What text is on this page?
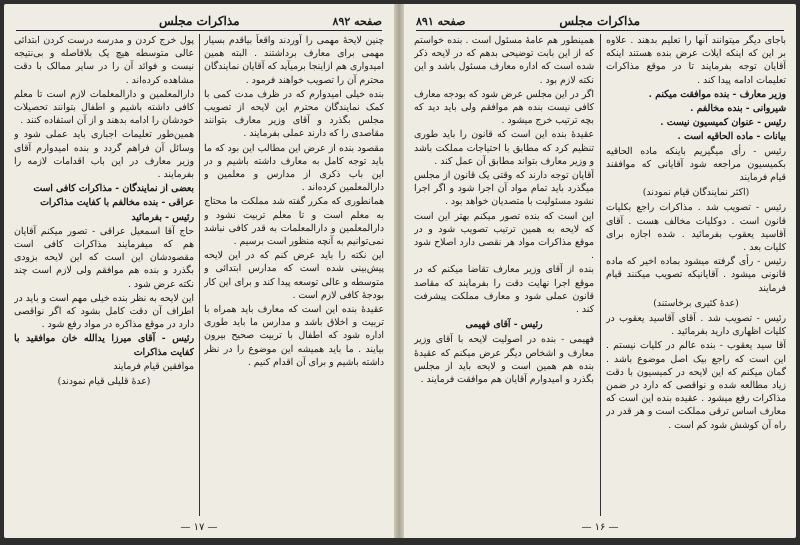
صفحه ۸۹۲
مذاکرات مجلس

چنین لایحهٔ مهمی را آوردند واقعاً بیاقدم بسیار مهمی برای معارف برداشتند . البته همین امیدواری هم ازاینجا برمیآید که آقایان نمایندگان محترم آن را تصویب خواهند فرمود .

بنده خیلی امیدوارم که در ظرف مدت کمی با کمک نمایندگان محترم این لایحه از تصویب مجلس بگذرد و آقای وزیر معارف بتوانند مقاصدی را که دارند عملی بفرمایند .

مقصود بنده از عرض این مطالب این بود که ما باید توجه کامل به معارف داشته باشیم و در این باب ذکری از مدارس و معلمین و دارالمعلمین کرده‌اند .

همانطوری که مکرر گفته شد مملکت ما محتاج به معلم است و تا معلم تربیت نشود و دارالمعلمین و دارالمعلمات به قدر کافی نباشد نمی‌توانیم به آنچه منظور است برسیم .

این نکته را باید عرض کنم که در این لایحه پیش‌بینی شده است که مدارس ابتدائی و متوسطه و عالی توسعه پیدا کند و برای این کار بودجهٔ کافی لازم است .

عقیدهٔ بنده این است که معارف باید همراه با تربیت و اخلاق باشد و مدارس ما باید طوری اداره شود که اطفال با تربیت صحیح بیرون بیایند . ما باید همیشه این موضوع را در نظر داشته باشیم و برای آن اقدام کنیم .

پول خرج کردن و مدرسه درست کردن ابتدائی عالی متوسطه هیچ یک بلافاصله و بی‌نتیجه نیست و فوائد آن را در سایر ممالک با دقت مشاهده کرده‌اند .

دارالمعلمین و دارالمعلمات لازم است تا معلم کافی داشته باشیم و اطفال بتوانند تحصیلات خودشان را ادامه بدهند و از آن استفاده کنند .

همین‌طور تعلیمات اجباری باید عملی شود و وسائل آن فراهم گردد و بنده امیدوارم آقای وزیر معارف در این باب اقدامات لازمه را بفرمایند .

بعضی از نمایندگان - مذاکرات کافی است

عراقی - بنده مخالفم با کفایت مذاکرات

رئیس - بفرمائید

حاج آقا اسمعیل عراقی - تصور میکنم آقایان هم که میفرمایند مذاکرات کافی است مقصودشان این است که این لایحه بزودی بگذرد و بنده هم موافقم ولی لازم است چند نکته عرض شود .

این لایحه به نظر بنده خیلی مهم است و باید در اطراف آن دقت کامل بشود که اگر نواقصی دارد در موقع مذاکره در مواد رفع شود .

رئیس - آقای میرزا یدالله خان موافقید با کفایت مذاکرات

موافقین قیام فرمایند

(عدهٔ قلیلی قیام نمودند)

— ۱۷ —
مذاکرات مجلس
صفحه ۸۹۱

باجای دیگر میتوانند آنها را تعلیم بدهند . علاوه بر این که اینکه ایلات عرض بنده هستند اینکه آقایان توجه بفرمایند تا در موقع مذاکرات تعلیمات ادامه پیدا کند .

وزیر معارف - بنده موافقت میکنم .

شیروانی - بنده مخالفم .

رئیس - عنوان کمیسیون نیست .

بیانات - ماده الحاقیه است .

رئیس - رأی میگیریم باینکه ماده الحاقیه بکمیسیون مراجعه شود آقایانی که موافقند قیام فرمایند

(اکثر نمایندگان قیام نمودند)

رئیس - تصویب شد . مذاکرات راجع بکلیات قانون است . دوکلیات مخالف هست . آقای آقاسید یعقوب بفرمائید . شده اجازه برای کلیات بعد .

رئیس - رأی گرفته میشود بماده اخیر که ماده قانونی میشود . آقایانیکه تصویب میکنند قیام فرمایند

(عدهٔ کثیری برخاستند)

رئیس - تصویب شد . آقای آقاسید یعقوب در کلیات اظهاری دارید بفرمائید .

آقا سید یعقوب - بنده عالم در کلیات نیستم . این است که راجع بیک اصل موضوع باشد . گمان میکنم که این لایحه در کمیسیون با دقت زیاد مطالعه شده و نواقصی که دارد در ضمن مذاکرات رفع میشود . عقیده بنده این است که معارف اساس ترقی مملکت است و هر قدر در راه آن کوشش شود کم است .

همینطور هم عامهٔ مسئول است . بنده خواستم که از این بابت توضیحی بدهم که در لایحه ذکر شده است که اداره معارف مسئول باشد و این نکته لازم بود .

اگر در این مجلس عرض شود که بودجه معارف کافی نیست بنده هم موافقم ولی باید دید که بچه ترتیب خرج میشود .

عقیدهٔ بنده این است که قانون را باید طوری تنظیم کرد که مطابق با احتیاجات مملکت باشد و وزیر معارف بتواند مطابق آن عمل کند .

آقایان توجه دارند که وقتی یک قانون از مجلس میگذرد باید تمام مواد آن اجرا شود و اگر اجرا نشود مسئولیت با متصدیان خواهد بود .

این است که بنده تصور میکنم بهتر این است که لایحه به همین ترتیب تصویب شود و در موقع مذاکرات مواد هر نقصی دارد اصلاح شود .

بنده از آقای وزیر معارف تقاضا میکنم که در موقع اجرا نهایت دقت را بفرمایند که مقاصد قانون عملی شود و معارف مملکت پیشرفت کند .

رئیس - آقای فهیمی

فهیمی - بنده در اصولیت لایحه با آقای وزیر معارف و اشخاص دیگر عرض میکنم که عقیدهٔ بنده هم همین است و لایحه باید از مجلس بگذرد و امیدوارم آقایان هم موافقت فرمایند .

— ۱۶ —
